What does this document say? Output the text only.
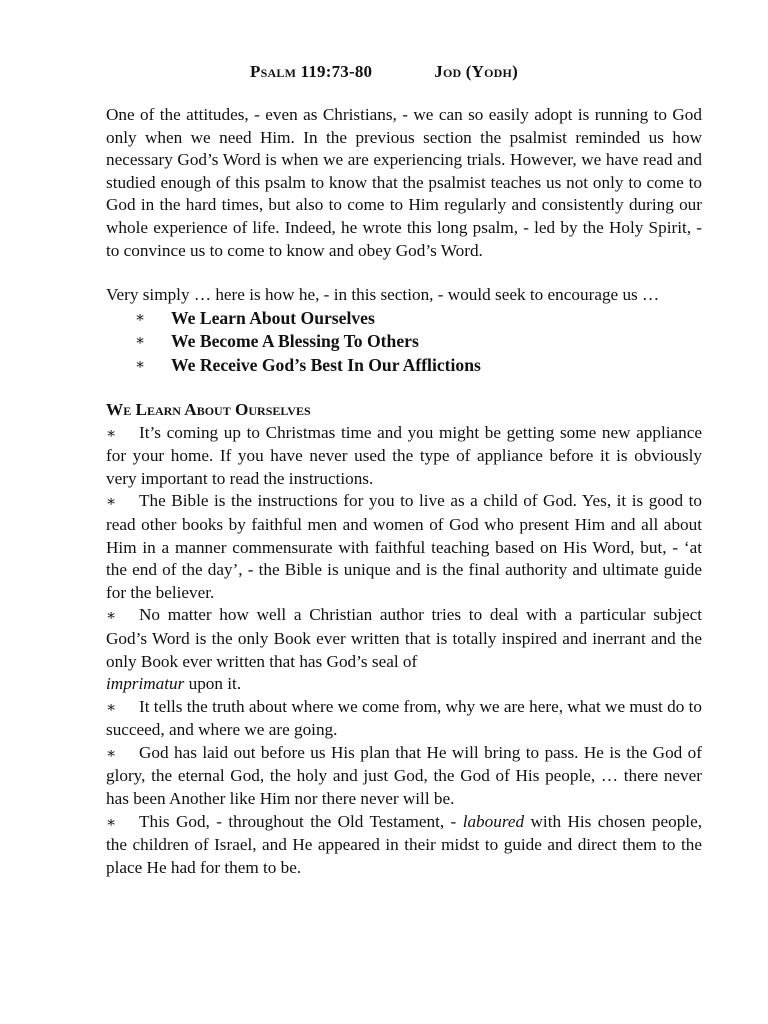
Psalm 119:73-80	Jod (Yodh)

One of the attitudes, - even as Christians, - we can so easily adopt is running to God only when we need Him. In the previous section the psalmist reminded us how necessary God’s Word is when we are experiencing trials. However, we have read and studied enough of this psalm to know that the psalmist teaches us not only to come to God in the hard times, but also to come to Him regularly and consistently during our whole experience of life. Indeed, he wrote this long psalm, - led by the Holy Spirit, - to convince us to come to know and obey God’s Word.

Very simply … here is how he, - in this section, - would seek to encourage us …

∗	We Learn About Ourselves
∗	We Become A Blessing To Others
∗	We Receive God’s Best In Our Afflictions
We Learn About Ourselves

∗ It’s coming up to Christmas time and you might be getting some new appliance for your home. If you have never used the type of appliance before it is obviously very important to read the instructions.

∗ The Bible is the instructions for you to live as a child of God. Yes, it is good to read other books by faithful men and women of God who present Him and all about Him in a manner commensurate with faithful teaching based on His Word, but, - ‘at the end of the day’, - the Bible is unique and is the final authority and ultimate guide for the believer.

∗ No matter how well a Christian author tries to deal with a particular subject God’s Word is the only Book ever written that is totally inspired and inerrant and the only Book ever written that has God’s seal of
imprimatur upon it.

∗ It tells the truth about where we come from, why we are here, what we must do to succeed, and where we are going.

∗ God has laid out before us His plan that He will bring to pass. He is the God of glory, the eternal God, the holy and just God, the God of His people, … there never has been Another like Him nor there never will be.

∗ This God, - throughout the Old Testament, - laboured with His chosen people, the children of Israel, and He appeared in their midst to guide and direct them to the place He had for them to be.
